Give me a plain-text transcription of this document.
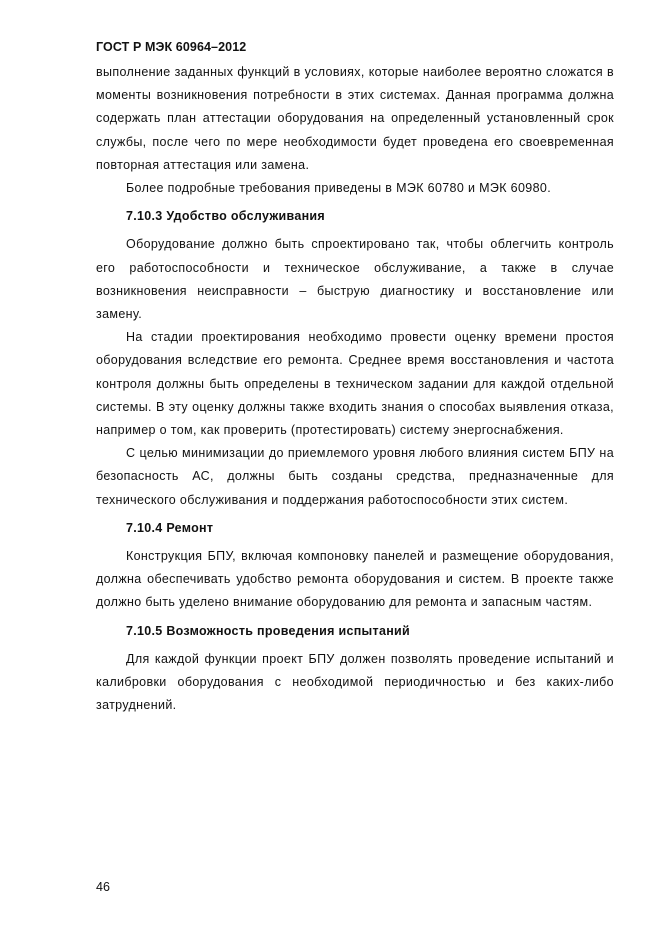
ГОСТ Р МЭК 60964–2012

выполнение заданных функций в условиях, которые наиболее вероятно сложатся в моменты возникновения потребности в этих системах. Данная программа должна содержать план аттестации оборудования на определенный установленный срок службы, после чего по мере необходимости будет проведена его своевременная повторная аттестация или замена.

Более подробные требования приведены в МЭК 60780 и МЭК 60980.

7.10.3 Удобство обслуживания

Оборудование должно быть спроектировано так, чтобы облегчить контроль его работоспособности и техническое обслуживание, а также в случае возникновения неисправности – быструю диагностику и восстановление или замену.

На стадии проектирования необходимо провести оценку времени простоя оборудования вследствие его ремонта. Среднее время восстановления и частота контроля должны быть определены в техническом задании для каждой отдельной системы. В эту оценку должны также входить знания о способах выявления отказа, например о том, как проверить (протестировать) систему энергоснабжения.

С целью минимизации до приемлемого уровня любого влияния систем БПУ на безопасность АС, должны быть созданы средства, предназначенные для технического обслуживания и поддержания работоспособности этих систем.

7.10.4 Ремонт

Конструкция БПУ, включая компоновку панелей и размещение оборудования, должна обеспечивать удобство ремонта оборудования и систем. В проекте также должно быть уделено внимание оборудованию для ремонта и запасным частям.

7.10.5 Возможность проведения испытаний

Для каждой функции проект БПУ должен позволять проведение испытаний и калибровки оборудования с необходимой периодичностью и без каких-либо затруднений.

46
